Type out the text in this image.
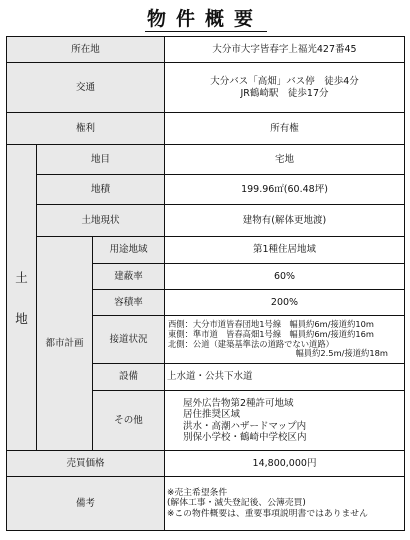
物件概要
所在地			大分市大字皆春字上福光427番45
交通			大分バス「高畑」バス停　徒歩4分
JR鶴崎駅　徒歩17分

権利			所有権

土
地	地目		宅地
	地積		199.96㎡(60.48坪)
	土地現状		建物有(解体更地渡)
	都市計画	用途地域	第1種住居地域
		建蔽率	60%
		容積率	200%
		接道状況	西側：大分市道皆春団地1号線　幅員約6m/接道約10m
東側：準市道　皆春高畑1号線　幅員約6m/接道約16m
北側：公道（建築基準法の道路でない道路）
幅員約2.5m/接道約18m

		設備	上水道・公共下水道
		その他	屋外広告物第2種許可地域
居住推奨区域
洪水・高潮ハザードマップ内
別保小学校・鶴崎中学校区内

売買価格			14,800,000円
備考			※売主希望条件
(解体工事・滅失登記後、公簿売買)
※この物件概要は、重要事項説明書ではありません
